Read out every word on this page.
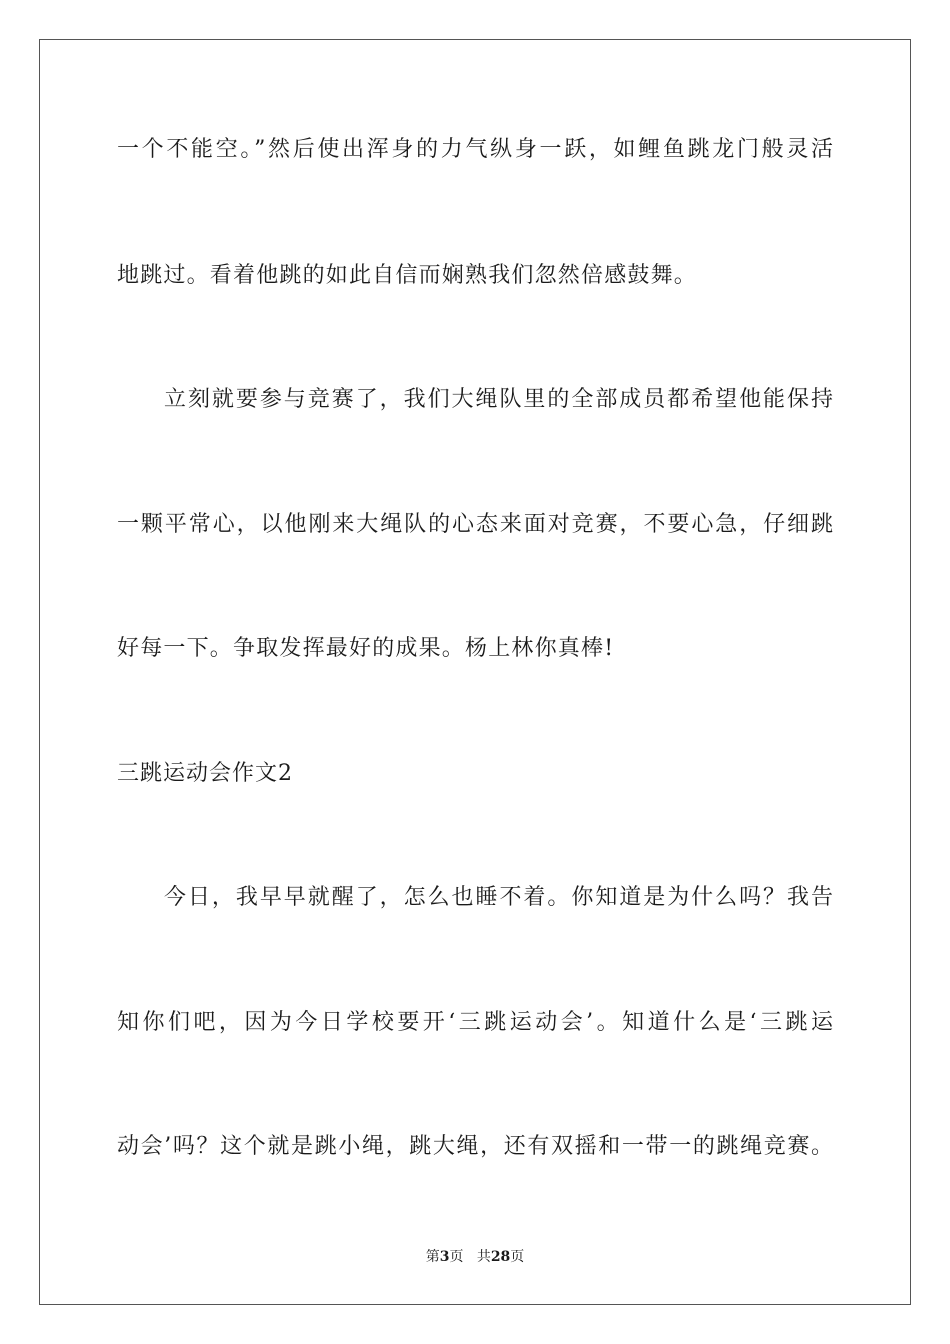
一个不能空。”然后使出浑身的力气纵身一跃，如鲤鱼跳龙门般灵活
地跳过。看着他跳的如此自信而娴熟我们忽然倍感鼓舞。
立刻就要参与竞赛了，我们大绳队里的全部成员都希望他能保持
一颗平常心，以他刚来大绳队的心态来面对竞赛，不要心急，仔细跳
好每一下。争取发挥最好的成果。杨上林你真棒!
三跳运动会作文2
今日，我早早就醒了，怎么也睡不着。你知道是为什么吗？我告
知你们吧，因为今日学校要开‘三跳运动会’。知道什么是‘三跳运
动会’吗？这个就是跳小绳，跳大绳，还有双摇和一带一的跳绳竞赛。
第3页 共28页
